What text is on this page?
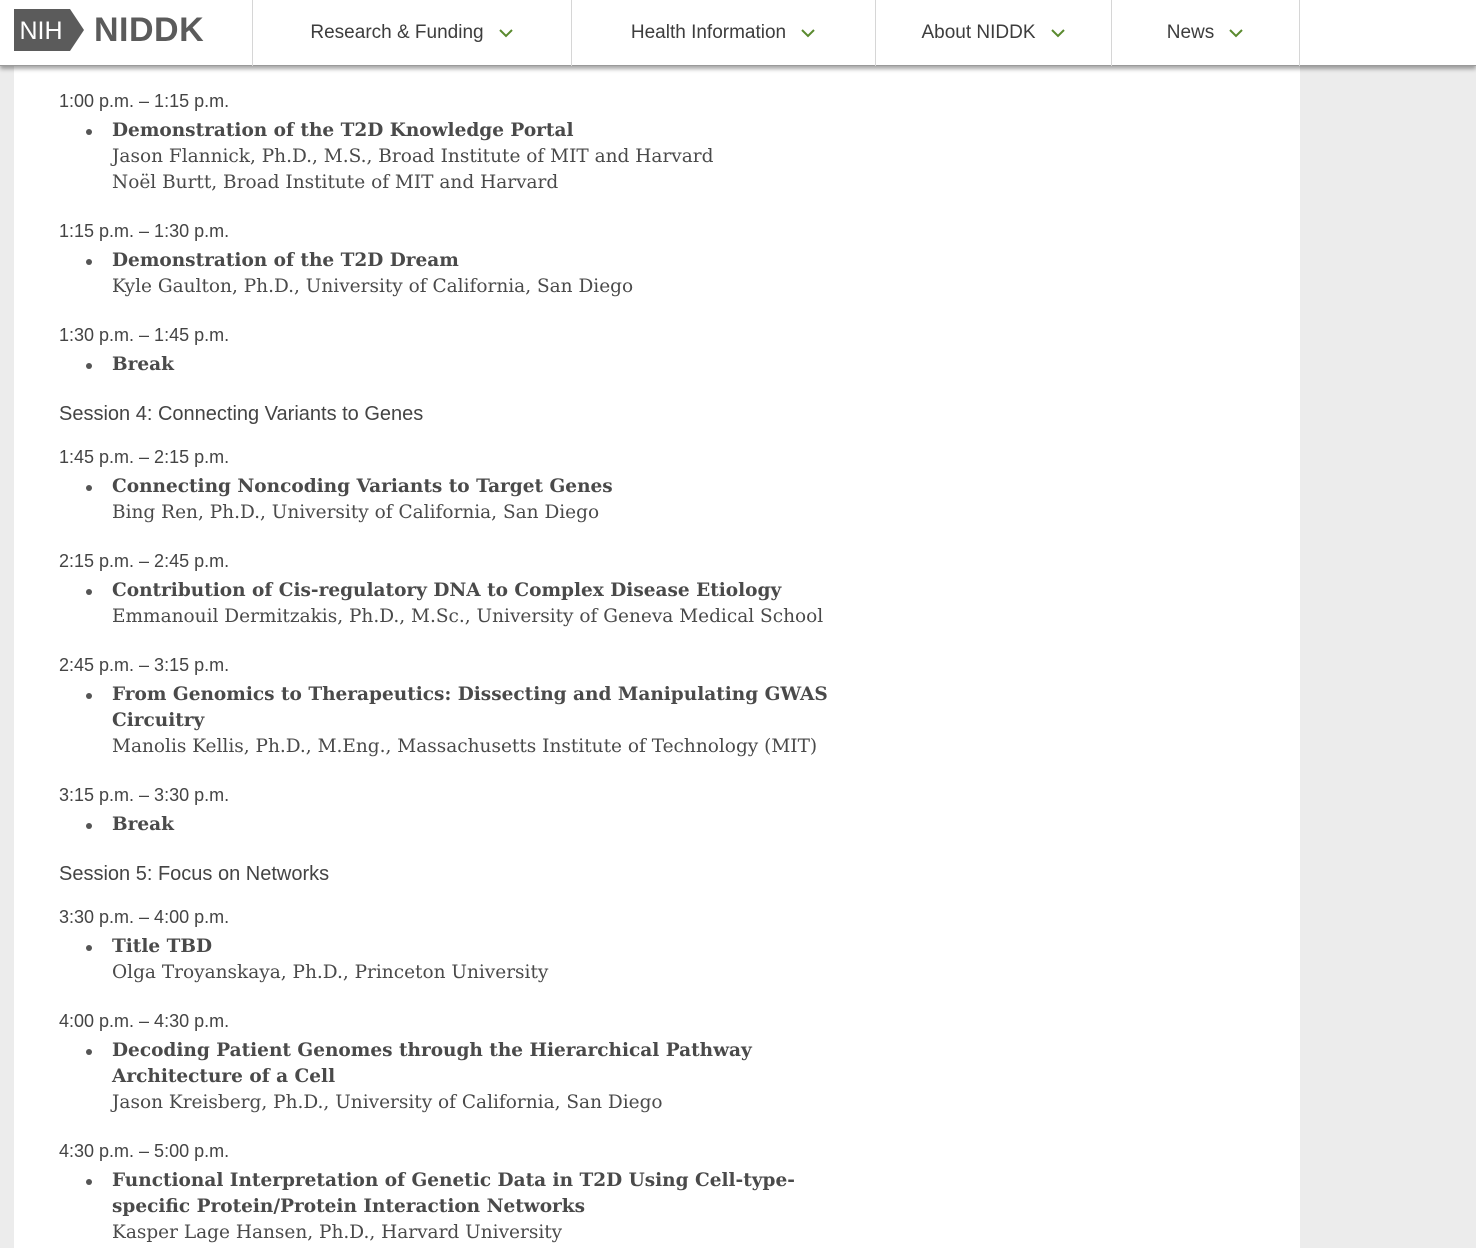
NIH NIDDK	Research & Funding	Health Information	About NIDDK	News

1:00 p.m. – 1:15 p.m.

Demonstration of the T2D Knowledge Portal
Jason Flannick, Ph.D., M.S., Broad Institute of MIT and Harvard
Noël Burtt, Broad Institute of MIT and Harvard

1:15 p.m. – 1:30 p.m.

Demonstration of the T2D Dream
Kyle Gaulton, Ph.D., University of California, San Diego

1:30 p.m. – 1:45 p.m.

Break

Session 4: Connecting Variants to Genes

1:45 p.m. – 2:15 p.m.

Connecting Noncoding Variants to Target Genes
Bing Ren, Ph.D., University of California, San Diego

2:15 p.m. – 2:45 p.m.

Contribution of Cis-regulatory DNA to Complex Disease Etiology
Emmanouil Dermitzakis, Ph.D., M.Sc., University of Geneva Medical School

2:45 p.m. – 3:15 p.m.

From Genomics to Therapeutics: Dissecting and Manipulating GWAS Circuitry
Manolis Kellis, Ph.D., M.Eng., Massachusetts Institute of Technology (MIT)

3:15 p.m. – 3:30 p.m.

Break

Session 5: Focus on Networks

3:30 p.m. – 4:00 p.m.

Title TBD
Olga Troyanskaya, Ph.D., Princeton University

4:00 p.m. – 4:30 p.m.

Decoding Patient Genomes through the Hierarchical Pathway Architecture of a Cell
Jason Kreisberg, Ph.D., University of California, San Diego

4:30 p.m. – 5:00 p.m.

Functional Interpretation of Genetic Data in T2D Using Cell-type-specific Protein/Protein Interaction Networks
Kasper Lage Hansen, Ph.D., Harvard University
